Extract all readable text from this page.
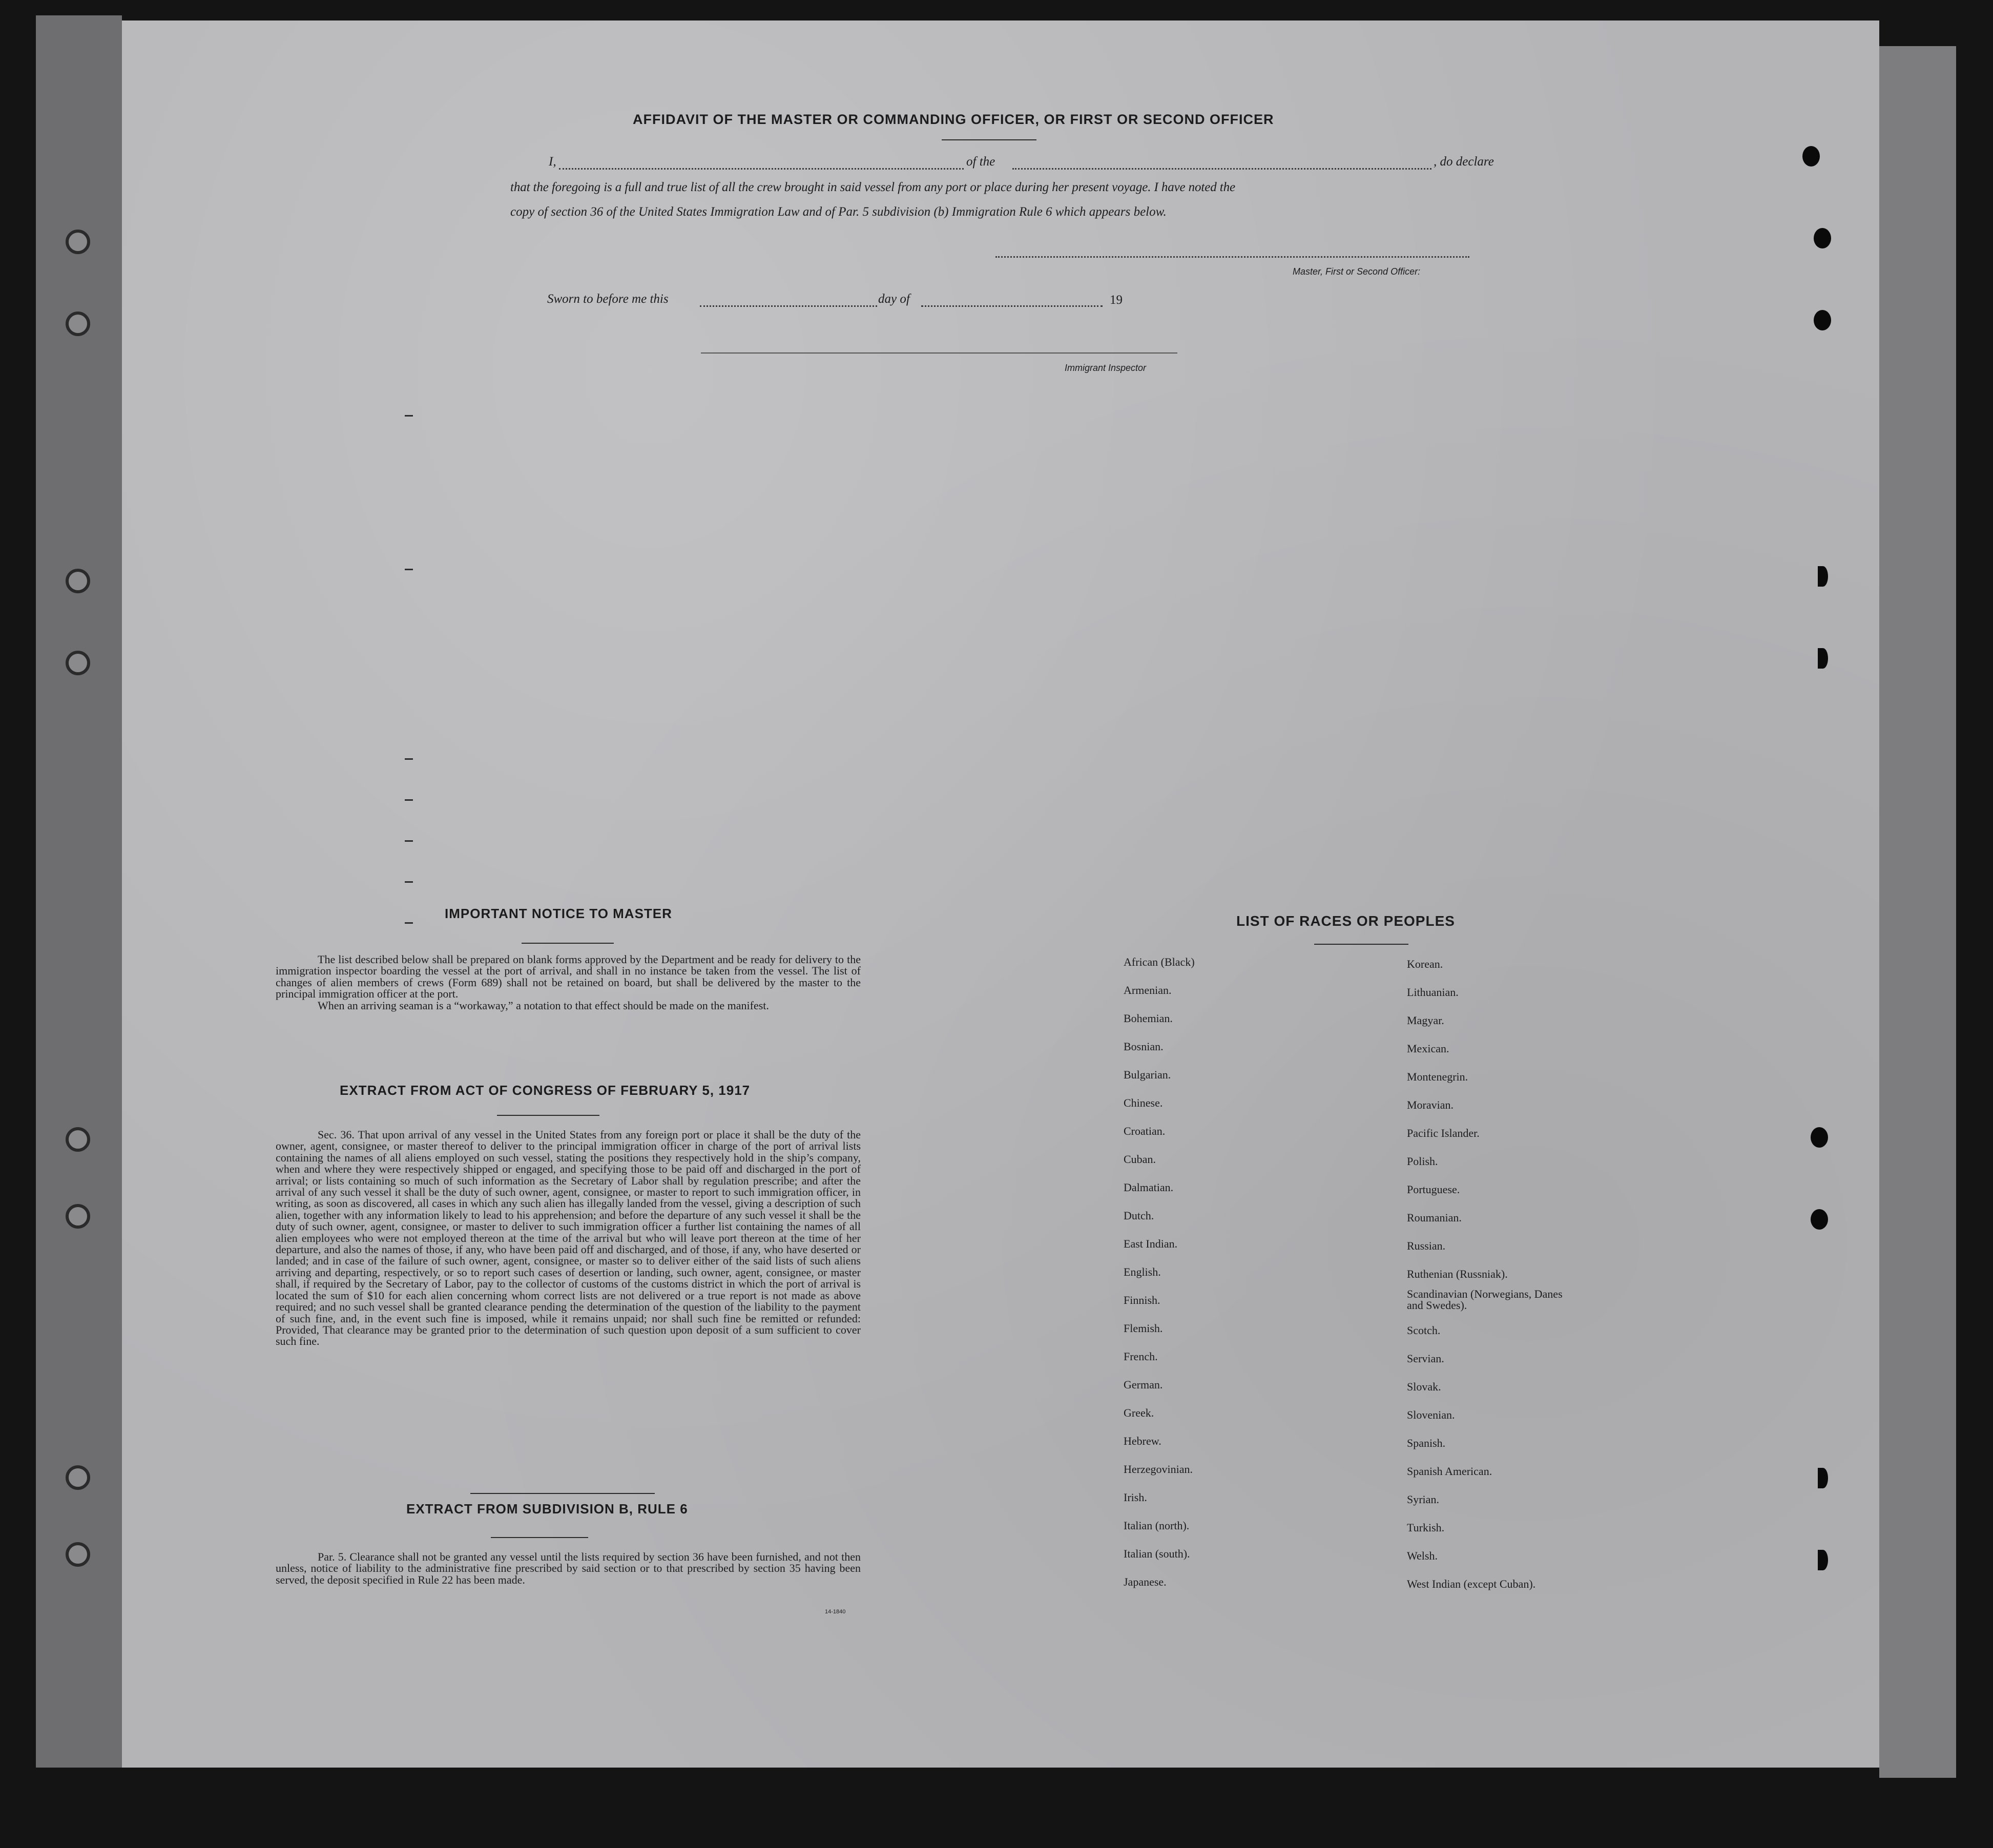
AFFIDAVIT OF THE MASTER OR COMMANDING OFFICER, OR FIRST OR SECOND OFFICER
I,	of the	, do declare
that the foregoing is a full and true list of all the crew brought in said vessel from any port or place during her present voyage. I have noted the
copy of section 36 of the United States Immigration Law and of Par. 5 subdivision (b) Immigration Rule 6 which appears below.
Master, First or Second Officer:
Sworn to before me this	day of	19
Immigrant Inspector
IMPORTANT NOTICE TO MASTER

The list described below shall be prepared on blank forms approved by the Department and be ready for delivery to the immigration inspector boarding the vessel at the port of arrival, and shall in no instance be taken from the vessel. The list of changes of alien members of crews (Form 689) shall not be retained on board, but shall be delivered by the master to the principal immigration officer at the port.

When an arriving seaman is a “workaway,” a notation to that effect should be made on the manifest.

EXTRACT FROM ACT OF CONGRESS OF FEBRUARY 5, 1917

Sec. 36. That upon arrival of any vessel in the United States from any foreign port or place it shall be the duty of the owner, agent, consignee, or master thereof to deliver to the principal immigration officer in charge of the port of arrival lists containing the names of all aliens employed on such vessel, stating the positions they respectively hold in the ship’s company, when and where they were respectively shipped or engaged, and specifying those to be paid off and discharged in the port of arrival; or lists containing so much of such information as the Secretary of Labor shall by regulation prescribe; and after the arrival of any such vessel it shall be the duty of such owner, agent, consignee, or master to report to such immigration officer, in writing, as soon as discovered, all cases in which any such alien has illegally landed from the vessel, giving a description of such alien, together with any information likely to lead to his apprehension; and before the departure of any such vessel it shall be the duty of such owner, agent, consignee, or master to deliver to such immigration officer a further list containing the names of all alien employees who were not employed thereon at the time of the arrival but who will leave port thereon at the time of her departure, and also the names of those, if any, who have been paid off and discharged, and of those, if any, who have deserted or landed; and in case of the failure of such owner, agent, consignee, or master so to deliver either of the said lists of such aliens arriving and departing, respectively, or so to report such cases of desertion or landing, such owner, agent, consignee, or master shall, if required by the Secretary of Labor, pay to the collector of customs of the customs district in which the port of arrival is located the sum of $10 for each alien concerning whom correct lists are not delivered or a true report is not made as above required; and no such vessel shall be granted clearance pending the determination of the question of the liability to the payment of such fine, and, in the event such fine is imposed, while it remains unpaid; nor shall such fine be remitted or refunded: Provided, That clearance may be granted prior to the determination of such question upon deposit of a sum sufficient to cover such fine.

EXTRACT FROM SUBDIVISION B, RULE 6

Par. 5. Clearance shall not be granted any vessel until the lists required by section 36 have been furnished, and not then unless, notice of liability to the administrative fine prescribed by said section or to that prescribed by section 35 having been served, the deposit specified in Rule 22 has been made.

14-1840
LIST OF RACES OR PEOPLES
African (Black)
Armenian.
Bohemian.
Bosnian.
Bulgarian.
Chinese.
Croatian.
Cuban.
Dalmatian.
Dutch.
East Indian.
English.
Finnish.
Flemish.
French.
German.
Greek.
Hebrew.
Herzegovinian.
Irish.
Italian (north).
Italian (south).
Japanese.
Korean.
Lithuanian.
Magyar.
Mexican.
Montenegrin.
Moravian.
Pacific Islander.
Polish.
Portuguese.
Roumanian.
Russian.
Ruthenian (Russniak).
Scandinavian (Norwegians, Danes and Swedes).
Scotch.
Servian.
Slovak.
Slovenian.
Spanish.
Spanish American.
Syrian.
Turkish.
Welsh.
West Indian (except Cuban).
